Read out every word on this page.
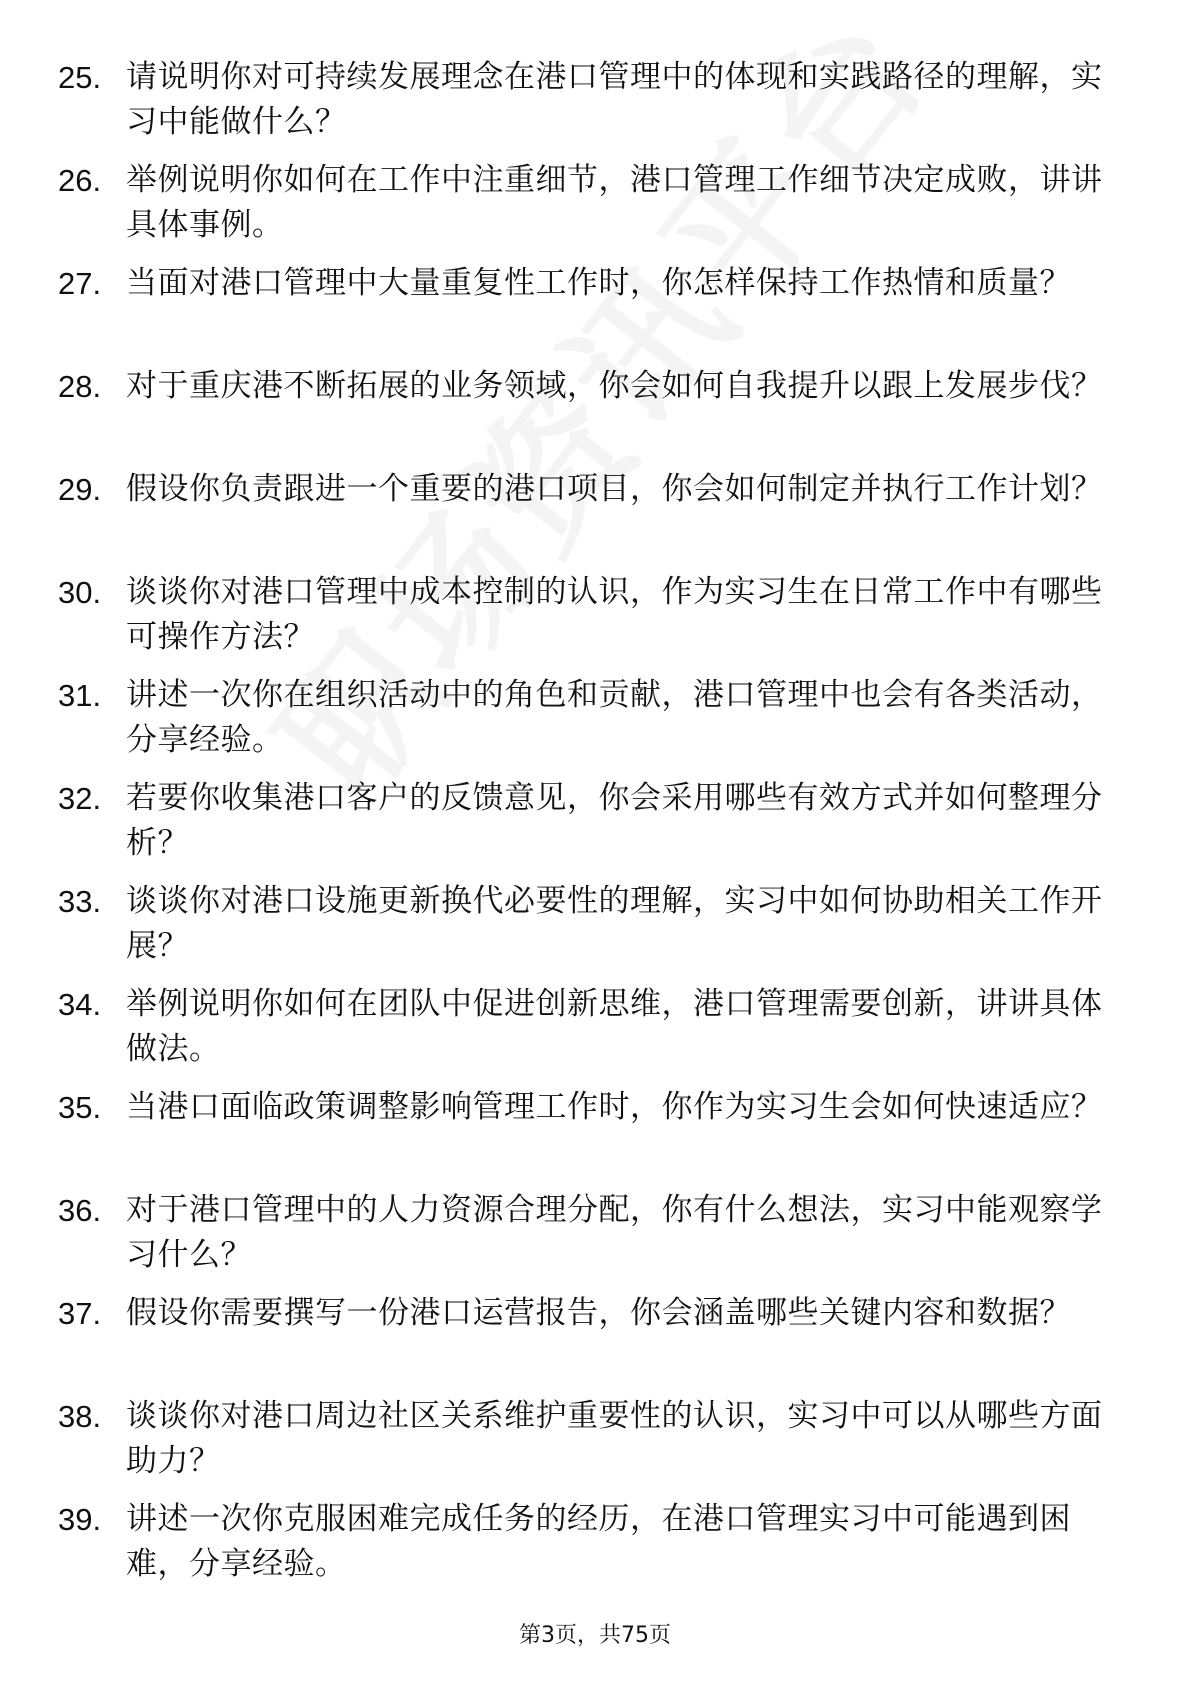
25. 请说明你对可持续发展理念在港口管理中的体现和实践路径的理解，实习中能做什么？
26. 举例说明你如何在工作中注重细节，港口管理工作细节决定成败，讲讲具体事例。
27. 当面对港口管理中大量重复性工作时，你怎样保持工作热情和质量？
28. 对于重庆港不断拓展的业务领域，你会如何自我提升以跟上发展步伐？
29. 假设你负责跟进一个重要的港口项目，你会如何制定并执行工作计划？
30. 谈谈你对港口管理中成本控制的认识，作为实习生在日常工作中有哪些可操作方法？
31. 讲述一次你在组织活动中的角色和贡献，港口管理中也会有各类活动，分享经验。
32. 若要你收集港口客户的反馈意见，你会采用哪些有效方式并如何整理分析？
33. 谈谈你对港口设施更新换代必要性的理解，实习中如何协助相关工作开展？
34. 举例说明你如何在团队中促进创新思维，港口管理需要创新，讲讲具体做法。
35. 当港口面临政策调整影响管理工作时，你作为实习生会如何快速适应？
36. 对于港口管理中的人力资源合理分配，你有什么想法，实习中能观察学习什么？
37. 假设你需要撰写一份港口运营报告，你会涵盖哪些关键内容和数据？
38. 谈谈你对港口周边社区关系维护重要性的认识，实习中可以从哪些方面助力？
39. 讲述一次你克服困难完成任务的经历，在港口管理实习中可能遇到困难，分享经验。
第3页，共75页
